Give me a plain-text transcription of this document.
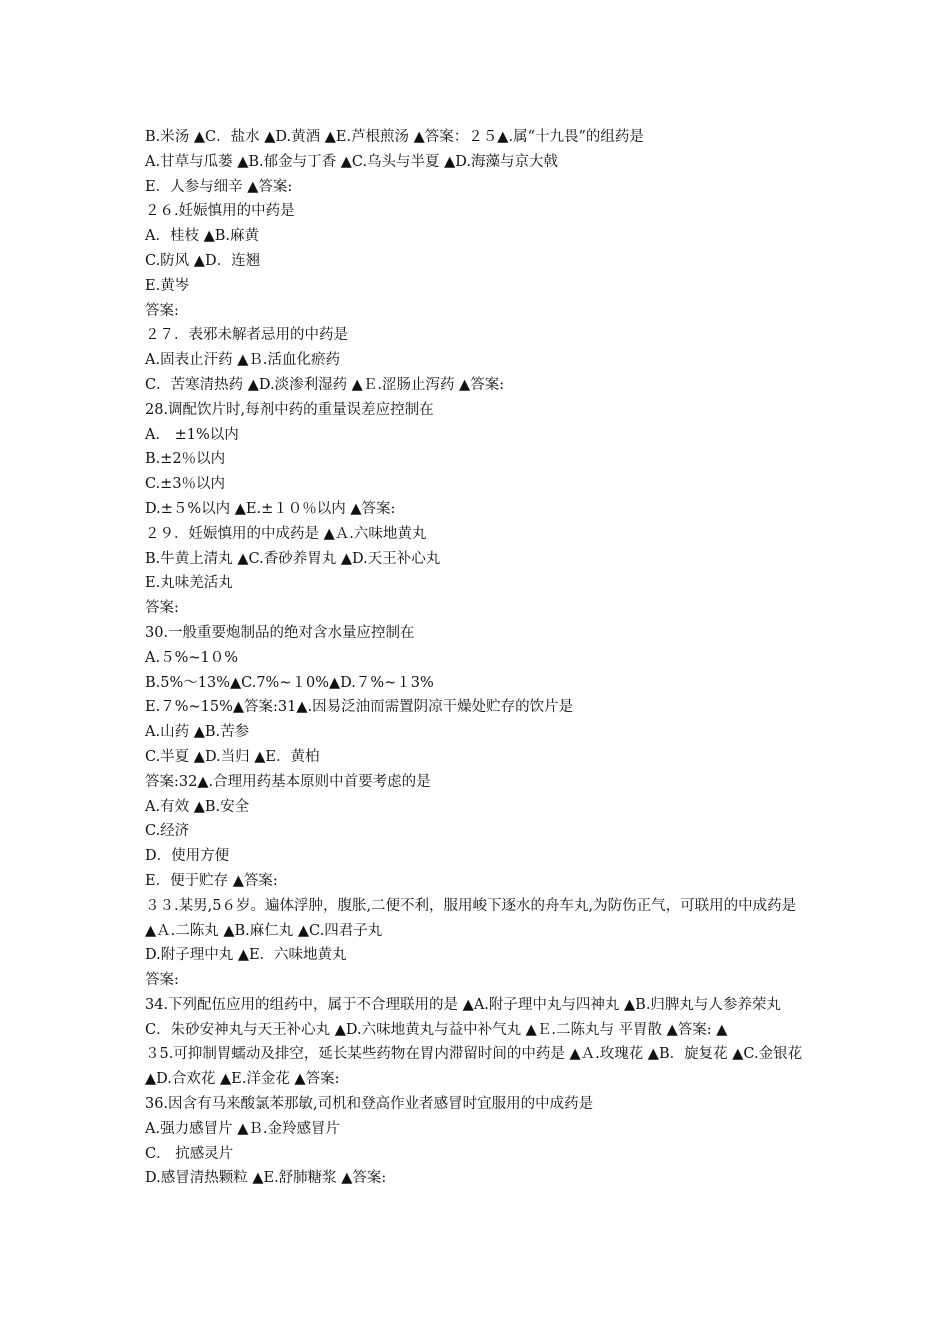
B.米汤 ﻿▲C．盐水 ▲D.黄酒 ▲E.芦根煎汤 ▲答案：２５▲.属“十九畏”的组药是
A.甘草与瓜蒌 ▲B.郁金与丁香 ▲C.乌头与半夏 ▲D.海藻与京大戟
E．人参与细辛 ▲答案:
２６.妊娠慎用的中药是
A．桂枝 ▲B.麻黄
C.防风 ▲D．连翘
E.黄岑
答案:
２７．表邪未解者忌用的中药是
A.固表止汗药 ▲Ｂ.活血化瘀药
C．苦寒清热药 ▲D.淡渗利湿药 ▲Ｅ.涩肠止泻药 ▲答案:
28.调配饮片时,每剂中药的重量误差应控制在
A． ±1%以内
B.±2％以内
C.±3％以内
D.±５%以内 ▲E.±１０％以内 ▲答案:
２９．妊娠慎用的中成药是 ▲Ａ.六味地黄丸
B.牛黄上清丸 ▲C.香砂养胃丸 ▲D.天王补心丸
E.丸味羌活丸
答案:
30.一般重要炮制品的绝对含水量应控制在
A.５%~1０%
B.5%～13%▲C.7%~１0%▲D.７%~１3%
E.７%~15%▲答案:31▲.因易泛油而需置阴凉干燥处贮存的饮片是
A.山药 ▲B.苦参
C.半夏 ▲D.当归 ▲E．黄柏
答案:32▲.合理用药基本原则中首要考虑的是
A.有效 ▲B.安全
C.经济
D．使用方便
E．便于贮存 ▲答案:
３３.某男,5６岁。遍体浮肿，腹胀,二便不利，服用峻下逐水的舟车丸,为防伤正气，可联用的中成药是 ▲Ａ.二陈丸 ▲B.麻仁丸 ▲C.四君子丸
D.附子理中丸 ▲E．六味地黄丸
答案:
34.下列配伍应用的组药中，属于不合理联用的是 ▲A.附子理中丸与四神丸 ▲B.归脾丸与人参养荣丸
C．朱砂安神丸与天王补心丸 ▲D.六味地黄丸与益中补气丸 ▲Ｅ.二陈丸与 平胃散 ▲答案: ▲
３5.可抑制胃蠕动及排空，延长某些药物在胃内滞留时间的中药是 ▲Ａ.玫瑰花 ▲B．旋复花 ▲C.金银花 ▲D.合欢花 ▲E.洋金花 ▲答案:
36.因含有马来酸氯苯那敏,司机和登高作业者感冒时宜服用的中成药是
A.强力感冒片 ▲Ｂ.金羚感冒片
C． 抗感灵片
D.感冒清热颗粒 ▲E.舒肺糖浆 ▲答案:
